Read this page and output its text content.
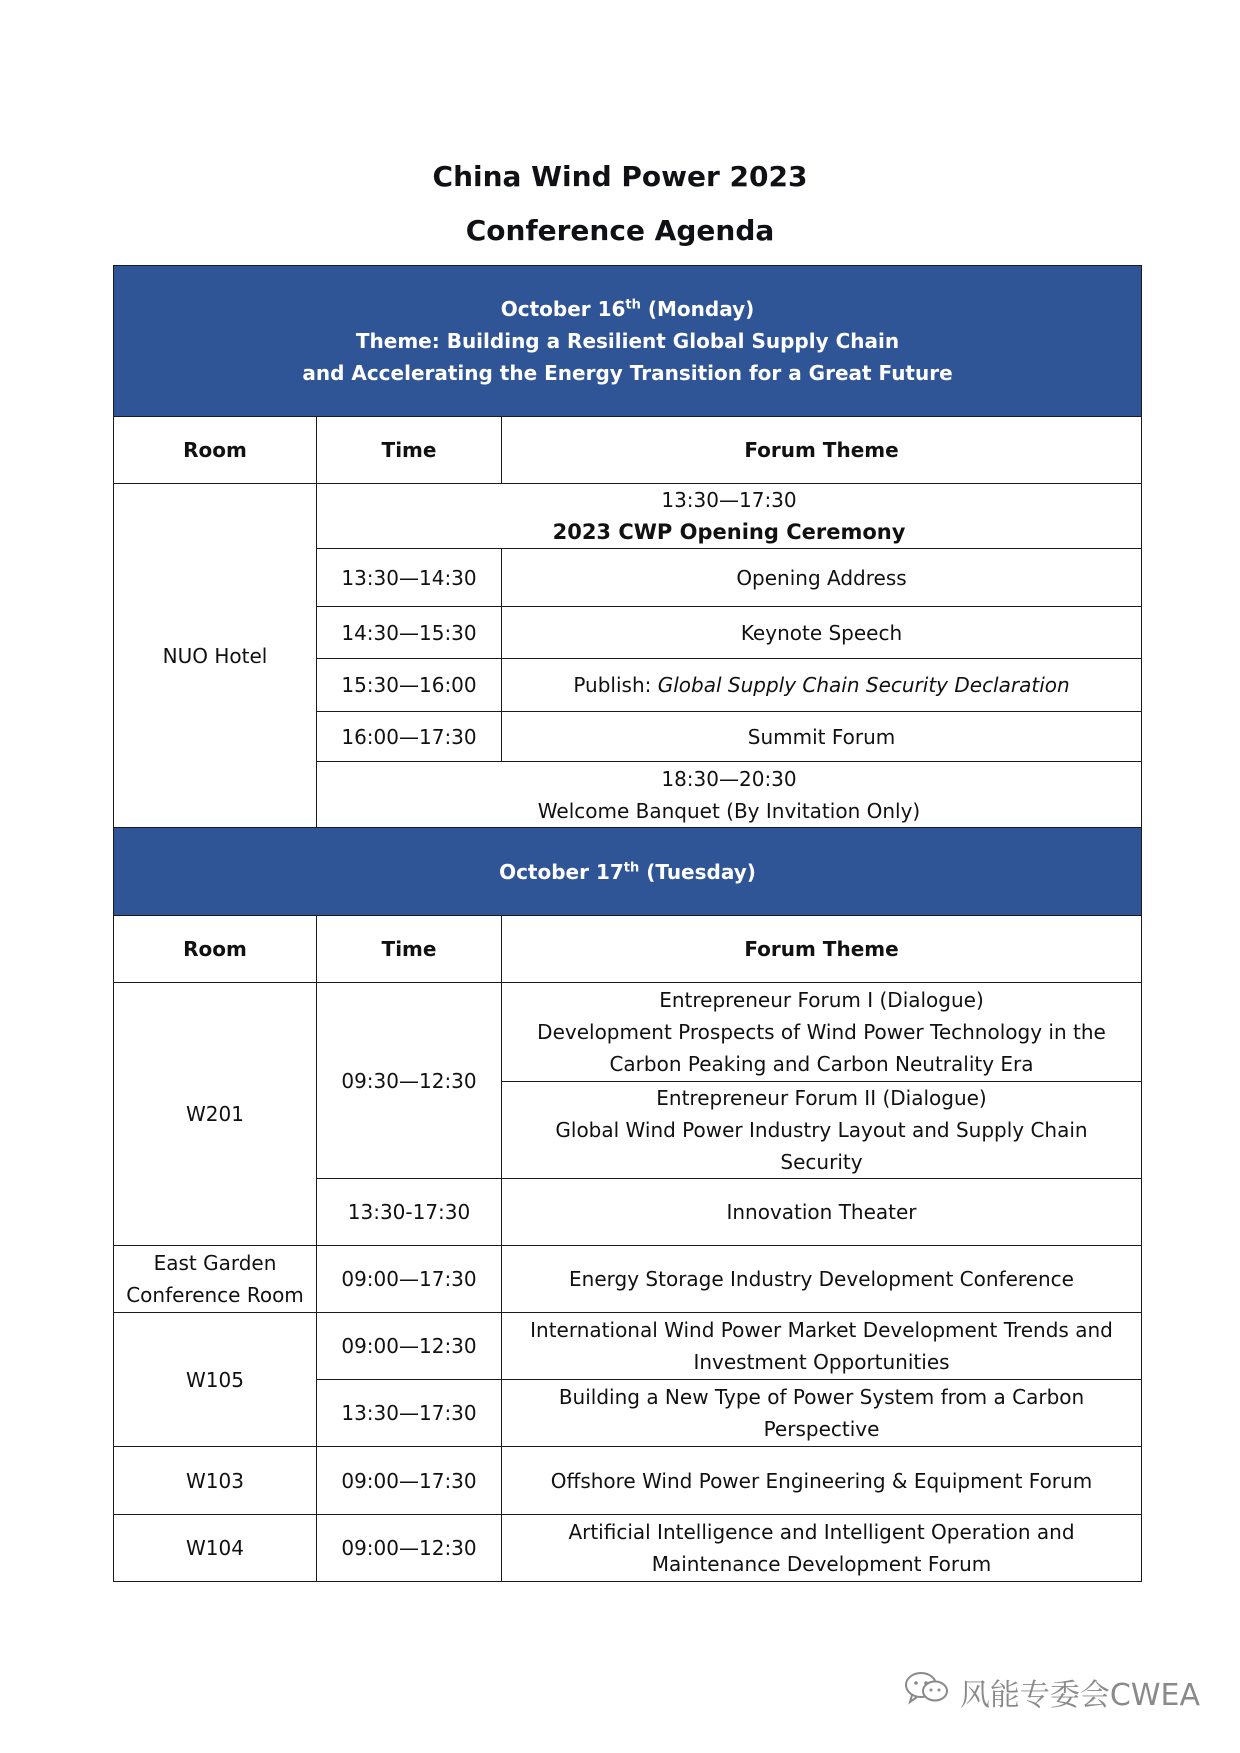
China Wind Power 2023
Conference Agenda
October 16th (Monday)
Theme: Building a Resilient Global Supply Chain
and Accelerating the Energy Transition for a Great Future		

Room	Time	Forum Theme
NUO Hotel	13:30—17:30
2023 CWP Opening Ceremony	

	13:30—14:30	Opening Address
	14:30—15:30	Keynote Speech
	15:30—16:00	Publish: Global Supply Chain Security Declaration
	16:00—17:30	Summit Forum

	18:30—20:30
Welcome Banquet (By Invitation Only)	
October 17th (Tuesday)		

Room	Time	Forum Theme
W201	09:30—12:30	Entrepreneur Forum I (Dialogue)
Development Prospects of Wind Power Technology in the Carbon Peaking and Carbon Neutrality Era

		Entrepreneur Forum II (Dialogue)
Global Wind Power Industry Layout and Supply Chain Security

	13:30-17:30	Innovation Theater

East Garden
Conference Room	09:00—17:30	Energy Storage Industry Development Conference
W105	09:00—12:30	International Wind Power Market Development Trends and Investment Opportunities
	13:30—17:30	Building a New Type of Power System from a Carbon Perspective
W103	09:00—17:30	Offshore Wind Power Engineering & Equipment Forum
W104	09:00—12:30	Artificial Intelligence and Intelligent Operation and Maintenance Development Forum
风能专委会CWEA
